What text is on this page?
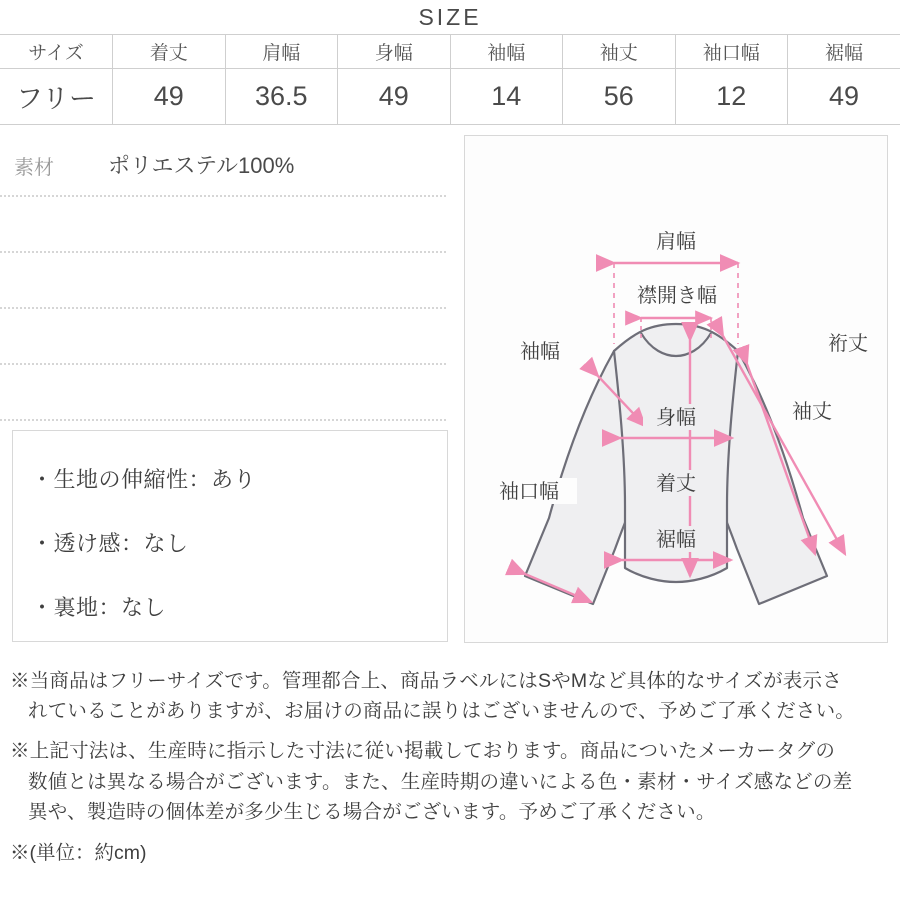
SIZE
サイズ	着丈	肩幅	身幅	袖幅	袖丈	袖口幅	裾幅
フリー	49	36.5	49	14	56	12	49
素材 ポリエステル100%
・生地の伸縮性：あり
・透け感：なし
・裏地：なし
肩幅
襟開き幅
裄丈
袖幅
袖丈
身幅
袖口幅	着丈
裾幅
※当商品はフリーサイズです。管理都合上、商品ラベルにはSやMなど具体的なサイズが表示さ
れていることがありますが、お届けの商品に誤りはございませんので、予めご了承ください。
※上記寸法は、生産時に指示した寸法に従い掲載しております。商品についたメーカータグの
数値とは異なる場合がございます。また、生産時期の違いによる色・素材・サイズ感などの差
異や、製造時の個体差が多少生じる場合がございます。予めご了承ください。
※(単位：約cm)
